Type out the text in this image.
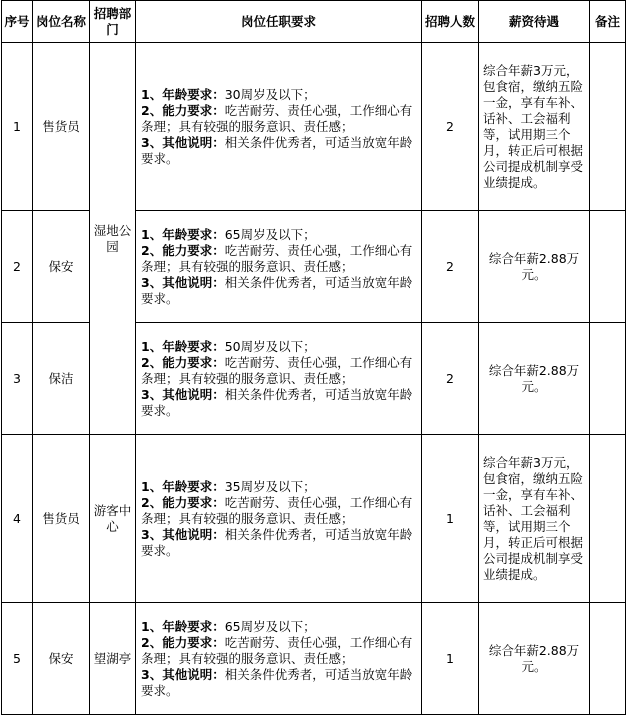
序号	岗位名称	招聘部门	岗位任职要求	招聘人数	薪资待遇	备注
1	售货员	湿地公园	1、年龄要求：30周岁及以下；
2、能力要求：吃苦耐劳、责任心强，工作细心有条理；具有较强的服务意识、责任感；
3、其他说明：相关条件优秀者，可适当放宽年龄要求。	2	综合年薪3万元，包食宿，缴纳五险一金，享有车补、话补、工会福利等，试用期三个月，转正后可根据公司提成机制享受业绩提成。	
2	保安		1、年龄要求：65周岁及以下；
2、能力要求：吃苦耐劳、责任心强，工作细心有条理；具有较强的服务意识、责任感；
3、其他说明：相关条件优秀者，可适当放宽年龄要求。	2	综合年薪2.88万元。	
3	保洁		1、年龄要求：50周岁及以下；
2、能力要求：吃苦耐劳、责任心强，工作细心有条理；具有较强的服务意识、责任感；
3、其他说明：相关条件优秀者，可适当放宽年龄要求。	2	综合年薪2.88万元。	
4	售货员	游客中心	1、年龄要求：35周岁及以下；
2、能力要求：吃苦耐劳、责任心强，工作细心有条理；具有较强的服务意识、责任感；
3、其他说明：相关条件优秀者，可适当放宽年龄要求。	1	综合年薪3万元，包食宿，缴纳五险一金，享有车补、话补、工会福利等，试用期三个月，转正后可根据公司提成机制享受业绩提成。	
5	保安	望湖亭	1、年龄要求：65周岁及以下；
2、能力要求：吃苦耐劳、责任心强，工作细心有条理；具有较强的服务意识、责任感；
3、其他说明：相关条件优秀者，可适当放宽年龄要求。	1	综合年薪2.88万元。	
